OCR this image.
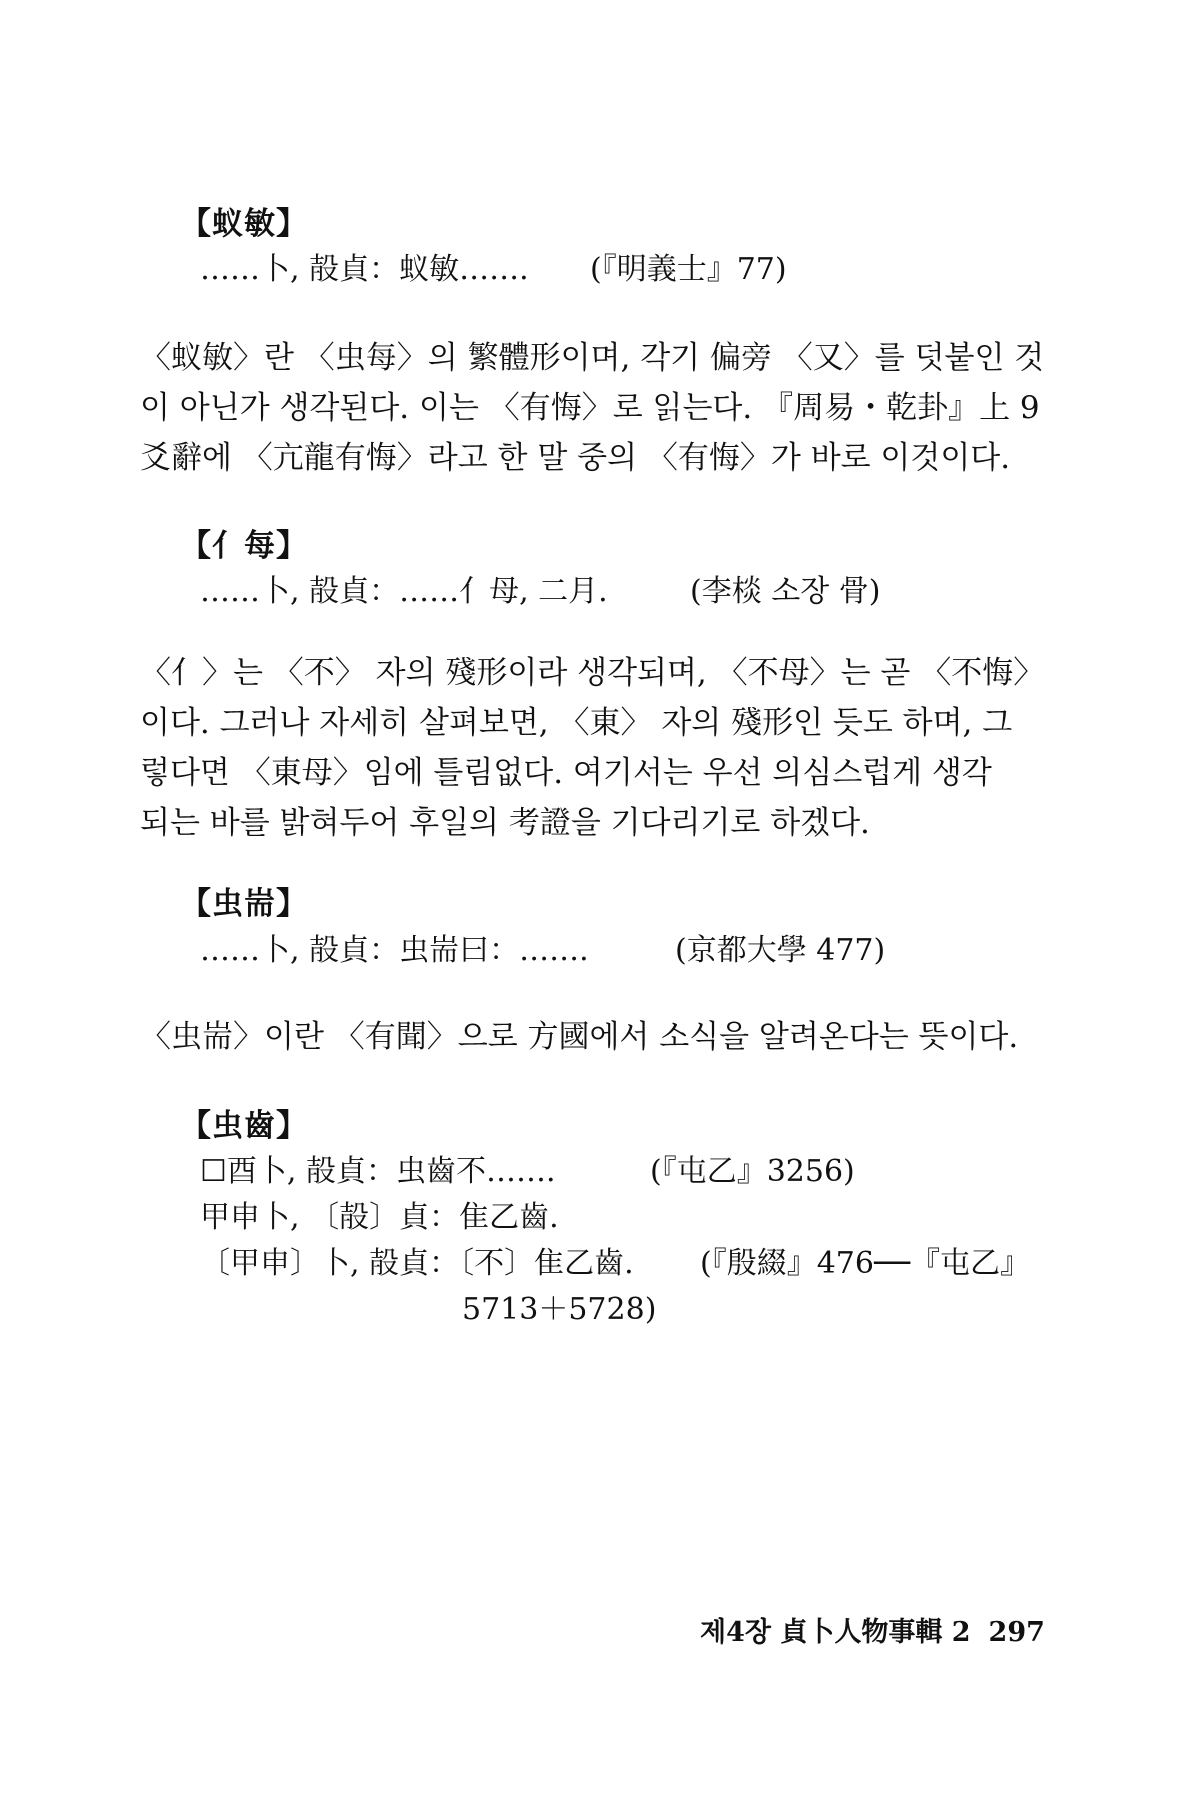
【蚁敏】
……卜, 㱿貞：蚁敏……. (『明義士』77)
〈蚁敏〉란 〈虫每〉의 繁體形이며, 각기 偏旁 〈又〉를 덧붙인 것
이 아닌가 생각된다. 이는 〈有悔〉로 읽는다. 『周易・乾卦』上 9
爻辭에 〈亢龍有悔〉라고 한 말 중의 〈有悔〉가 바로 이것이다.
【⺅每】
……卜, 㱿貞：……⺅母, 二月.	(李棪 소장 骨)
〈⺅〉는 〈不〉 자의 殘形이라 생각되며, 〈不母〉는 곧 〈不悔〉
이다. 그러나 자세히 살펴보면, 〈東〉 자의 殘形인 듯도 하며, 그
렇다면 〈東母〉임에 틀림없다. 여기서는 우선 의심스럽게 생각
되는 바를 밝혀두어 후일의 考證을 기다리기로 하겠다.
【虫耑】
……卜, 㱿貞：虫耑曰：…….	(京都大學 477)
〈虫耑〉이란 〈有聞〉으로 方國에서 소식을 알려온다는 뜻이다.
【虫齒】
☐酉卜, 㱿貞：虫齒不…….	(『屯乙』3256)
甲申卜, 〔㱿〕貞：隹乙齒.
〔甲申〕卜, 㱿貞：〔不〕隹乙齒. (『殷綴』476──『屯乙』
5713＋5728)
제4장 貞卜人物事輯 2 297
